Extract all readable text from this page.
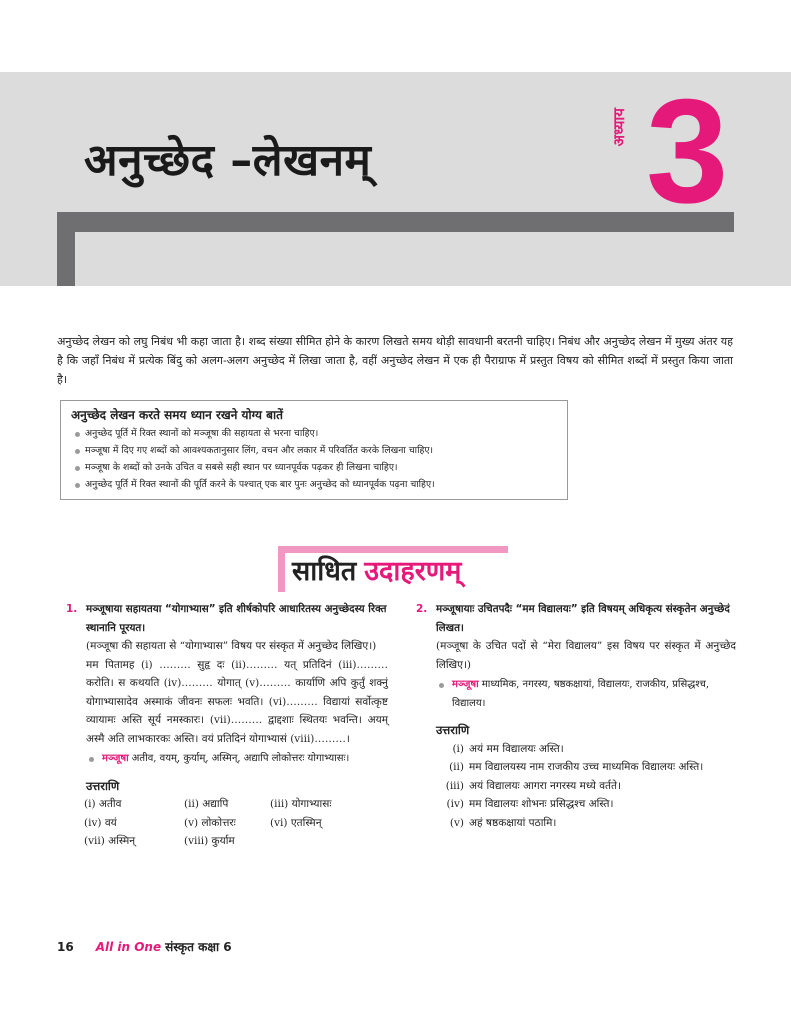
अनुच्छेद –लेखनम्
अध्याय 3

अनुच्छेद लेखन को लघु निबंध भी कहा जाता है। शब्द संख्या सीमित होने के कारण लिखते समय थोड़ी सावधानी बरतनी चाहिए। निबंध और अनुच्छेद लेखन में मुख्य अंतर यह है कि जहाँ निबंध में प्रत्येक बिंदु को अलग-अलग अनुच्छेद में लिखा जाता है, वहीं अनुच्छेद लेखन में एक ही पैराग्राफ में प्रस्तुत विषय को सीमित शब्दों में प्रस्तुत किया जाता है।

अनुच्छेद लेखन करते समय ध्यान रखने योग्य बातें
अनुच्छेद पूर्ति में रिक्त स्थानों को मञ्जूषा की सहायता से भरना चाहिए।
मञ्जूषा में दिए गए शब्दों को आवश्यकतानुसार लिंग, वचन और लकार में परिवर्तित करके लिखना चाहिए।
मञ्जूषा के शब्दों को उनके उचित व सबसे सही स्थान पर ध्यानपूर्वक पढ़कर ही लिखना चाहिए।
अनुच्छेद पूर्ति में रिक्त स्थानों की पूर्ति करने के पश्चात् एक बार पुनः अनुच्छेद को ध्यानपूर्वक पढ़ना चाहिए।
साधित उदाहरणम्
1. मञ्जूषाया सहायतया “योगाभ्यास” इति शीर्षकोपरि आधारितस्य अनुच्छेदस्य रिक्त स्थानानि पूरयत।

(मञ्जूषा की सहायता से “योगाभ्यास” विषय पर संस्कृत में अनुच्छेद लिखिए।)

मम पितामह (i) ……… सुहृ दः (ii)……… यत् प्रतिदिनं (iii)……… करोति। स कथयति (iv)……… योगात् (v)……… कार्याणि अपि कुर्तुं शक्नुं योगाभ्यासादेव अस्माकं जीवनः सफलः भवति। (vi)……… विद्यायां सर्वोत्कृष्ट व्यायामः अस्ति सूर्य नमस्कारः। (vii)……… द्वाद्दशाः स्थितयः भवन्ति। अयम् अस्मै अति लाभकारकः अस्ति। वयं प्रतिदिनं योगाभ्यासं (viii)………।

मञ्जूषा अतीव, वयम्, कुर्याम्, अस्मिन्, अद्यापि लोकोत्तरः योगाभ्यासः।
उत्तराणि
(i) अतीव	(ii) अद्यापि	(iii) योगाभ्यासः
(iv) वयं	(v) लोकोत्तरः	(vi) एतस्मिन्
(vii) अस्मिन्	(viii) कुर्याम
2. मञ्जूषायाः उचितपदैः “मम विद्यालयः” इति विषयम् अधिकृत्य संस्कृतेन अनुच्छेदं लिखत।

(मञ्जूषा के उचित पदों से “मेरा विद्यालय” इस विषय पर संस्कृत में अनुच्छेद लिखिए।)

मञ्जूषा माध्यमिक, नगरस्य, षष्ठकक्षायां, विद्यालयः, राजकीय, प्रसिद्धश्च, विद्यालय।
उत्तराणि
(i) अयं मम विद्यालयः अस्ति।
(ii) मम विद्यालयस्य नाम राजकीय उच्च माध्यमिक विद्यालयः अस्ति।
(iii) अयं विद्यालयः आगरा नगरस्य मध्ये वर्तते।
(iv) मम विद्यालयः शोभनः प्रसिद्धश्च अस्ति।
(v) अहं षष्ठकक्षायां पठामि।
16 All in One संस्कृत कक्षा 6
